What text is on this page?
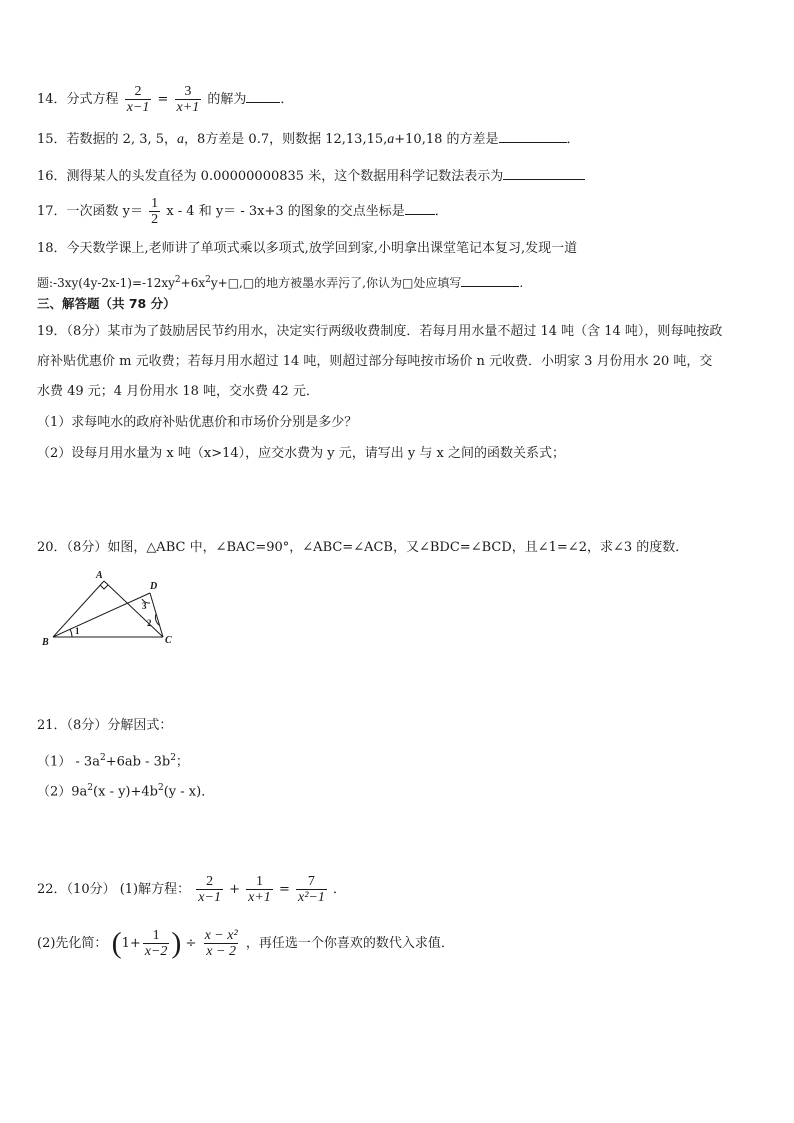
14．分式方程 $\frac{2}{x-1} = \frac{3}{x+1}$ 的解为	．
15．若数据的 2, 3, 5，a，8方差是 0.7，则数据 12,13,15,a+10,18 的方差是	．
16．测得某人的头发直径为 0.00000000835 米，这个数据用科学记数法表示为
17．一次函数 $y= \frac{1}{2}$ x - 4 和 y＝ - 3x+3 的图象的交点坐标是 ．
18．今天数学课上,老师讲了单项式乘以多项式,放学回到家,小明拿出课堂笔记本复习,发现一道
题$:-3xy(4y-2x-1)=-12xy^2+6x^2y+□,□$的地方被墨水弄污了,你认为□处应填写	.
三、解答题（共 78 分）
19．（8分）某市为了鼓励居民节约用水，决定实行两级收费制度．若每月用水量不超过 14 吨（含 14 吨），则每吨按政
府补贴优惠价 m 元收费；若每月用水超过 14 吨，则超过部分每吨按市场价 n 元收费．小明家 3 月份用水 20 吨，交
水费 49 元；4 月份用水 18 吨，交水费 42 元．
（1）求每吨水的政府补贴优惠价和市场价分别是多少？
（2）设每月用水量为 x 吨（x>14），应交水费为 y 元，请写出 y 与 x 之间的函数关系式；
20．（8分）如图，△ABC 中，∠BAC=90°，∠ABC=∠ACB，又∠BDC=∠BCD，且∠1=∠2，求∠3 的度数．
A
D
B	C
1
2
3
21．（8分）分解因式：
$(1) - 3a^2+6ab - 3b^2$；
$(2)9a^2(x - y)+4b^2(y - x)$．
22．（10分） (1)解方程： $\frac{2}{x-1} + \frac{1}{x+1} = \frac{7}{\text{x²−1}}$ ．
(2)先化简： ($1+ \frac{1}{x-2}$ ) ÷ $\frac{\text{x − x²}}{x - 2}$ ，再任选一个你喜欢的数代入求值．
